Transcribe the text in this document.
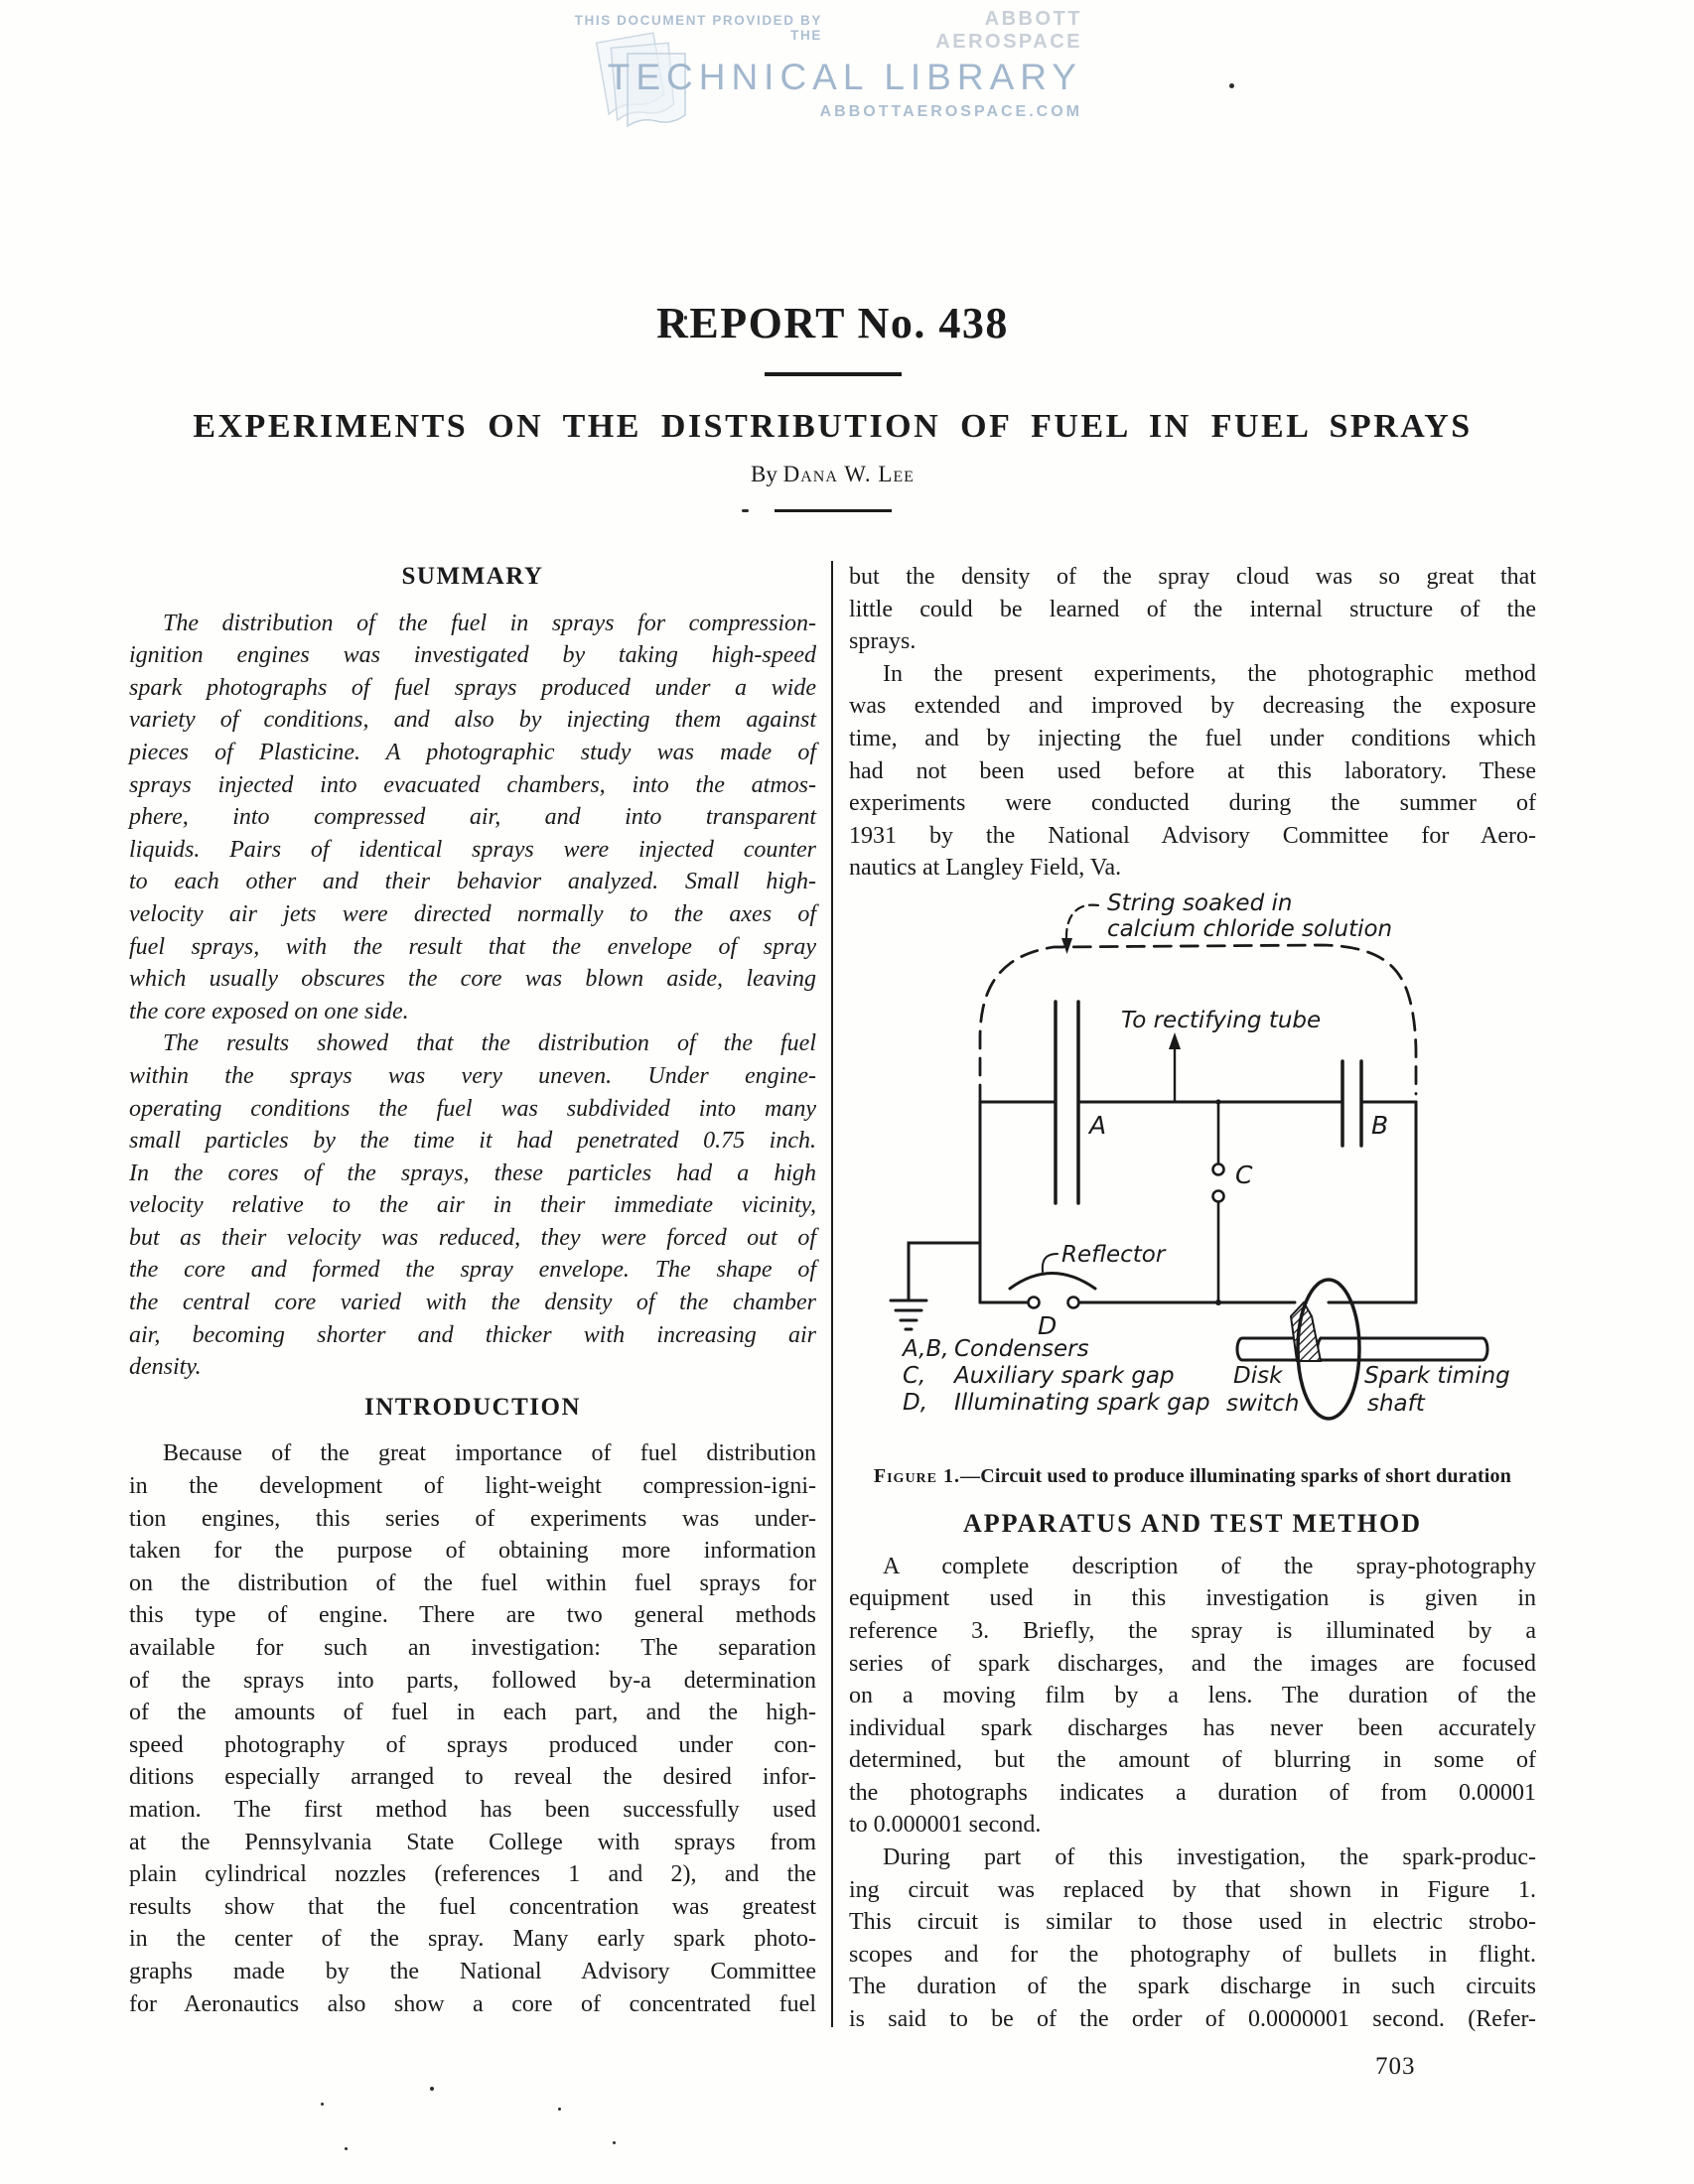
THIS DOCUMENT PROVIDED BY THE
ABBOTT AEROSPACE
TECHNICAL LIBRARY
ABBOTTAEROSPACE.COM
REPORT No. 438
EXPERIMENTS ON THE DISTRIBUTION OF FUEL IN FUEL SPRAYS
By Dana W. Lee
SUMMARY
The distribution of the fuel in sprays for compression-
ignition engines was investigated by taking high-speed
spark photographs of fuel sprays produced under a wide
variety of conditions, and also by injecting them against
pieces of Plasticine. A photographic study was made of
sprays injected into evacuated chambers, into the atmos-
phere, into compressed air, and into transparent
liquids. Pairs of identical sprays were injected counter
to each other and their behavior analyzed. Small high-
velocity air jets were directed normally to the axes of
fuel sprays, with the result that the envelope of spray
which usually obscures the core was blown aside, leaving
the core exposed on one side.
The results showed that the distribution of the fuel
within the sprays was very uneven. Under engine-
operating conditions the fuel was subdivided into many
small particles by the time it had penetrated 0.75 inch.
In the cores of the sprays, these particles had a high
velocity relative to the air in their immediate vicinity,
but as their velocity was reduced, they were forced out of
the core and formed the spray envelope. The shape of
the central core varied with the density of the chamber
air, becoming shorter and thicker with increasing air
density.
INTRODUCTION
Because of the great importance of fuel distribution
in the development of light-weight compression-igni-
tion engines, this series of experiments was under-
taken for the purpose of obtaining more information
on the distribution of the fuel within fuel sprays for
this type of engine. There are two general methods
available for such an investigation: The separation
of the sprays into parts, followed by-a determination
of the amounts of fuel in each part, and the high-
speed photography of sprays produced under con-
ditions especially arranged to reveal the desired infor-
mation. The first method has been successfully used
at the Pennsylvania State College with sprays from
plain cylindrical nozzles (references 1 and 2), and the
results show that the fuel concentration was greatest
in the center of the spray. Many early spark photo-
graphs made by the National Advisory Committee
for Aeronautics also show a core of concentrated fuel
but the density of the spray cloud was so great that
little could be learned of the internal structure of the
sprays.
In the present experiments, the photographic method
was extended and improved by decreasing the exposure
time, and by injecting the fuel under conditions which
had not been used before at this laboratory. These
experiments were conducted during the summer of
1931 by the National Advisory Committee for Aero-
nautics at Langley Field, Va.
String soaked in
calcium chloride solution
To rectifying tube
A	B
C
D
Reflector
A,B, Condensers
C, Auxiliary spark gap
D, Illuminating spark gap
Disk
switch
Spark timing
shaft
Figure 1.—Circuit used to produce illuminating sparks of short duration
APPARATUS AND TEST METHOD
A complete description of the spray-photography
equipment used in this investigation is given in
reference 3. Briefly, the spray is illuminated by a
series of spark discharges, and the images are focused
on a moving film by a lens. The duration of the
individual spark discharges has never been accurately
determined, but the amount of blurring in some of
the photographs indicates a duration of from 0.00001
to 0.000001 second.
During part of this investigation, the spark-produc-
ing circuit was replaced by that shown in Figure 1.
This circuit is similar to those used in electric strobo-
scopes and for the photography of bullets in flight.
The duration of the spark discharge in such circuits
is said to be of the order of 0.0000001 second. (Refer-
703
